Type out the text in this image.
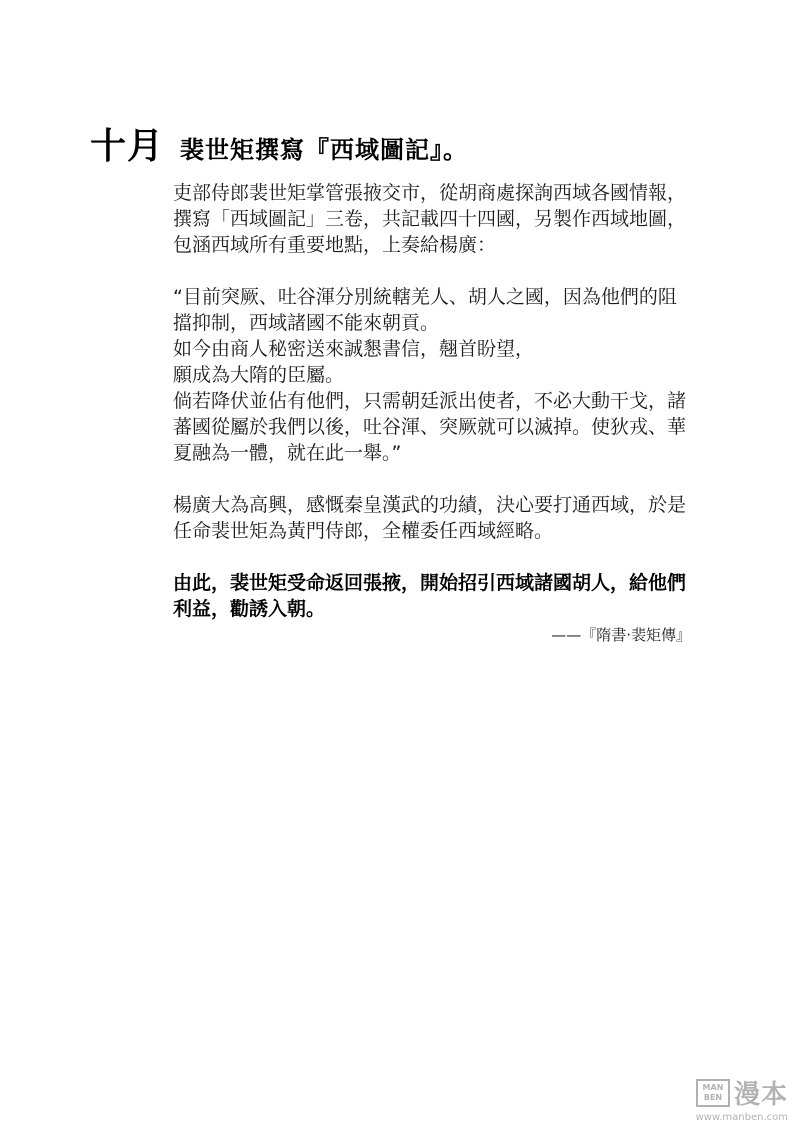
十月 裴世矩撰寫『西域圖記』。
吏部侍郎裴世矩掌管張掖交市，從胡商處探詢西域各國情報，
撰寫「西域圖記」三卷，共記載四十四國，另製作西域地圖，
包涵西域所有重要地點，上奏給楊廣：
“目前突厥、吐谷渾分別統轄羌人、胡人之國，因為他們的阻
擋抑制，西域諸國不能來朝貢。
如今由商人秘密送來誠懇書信，翹首盼望，
願成為大隋的臣屬。
倘若降伏並佔有他們，只需朝廷派出使者，不必大動干戈，諸
蕃國從屬於我們以後，吐谷渾、突厥就可以滅掉。使狄戎、華
夏融為一體，就在此一舉。”
楊廣大為高興，感慨秦皇漢武的功績，決心要打通西域，於是
任命裴世矩為黃門侍郎，全權委任西域經略。
由此，裴世矩受命返回張掖，開始招引西域諸國胡人，給他們
利益，勸誘入朝。
——『隋書·裴矩傳』
MAN
BEN 漫本
www.manben.com
